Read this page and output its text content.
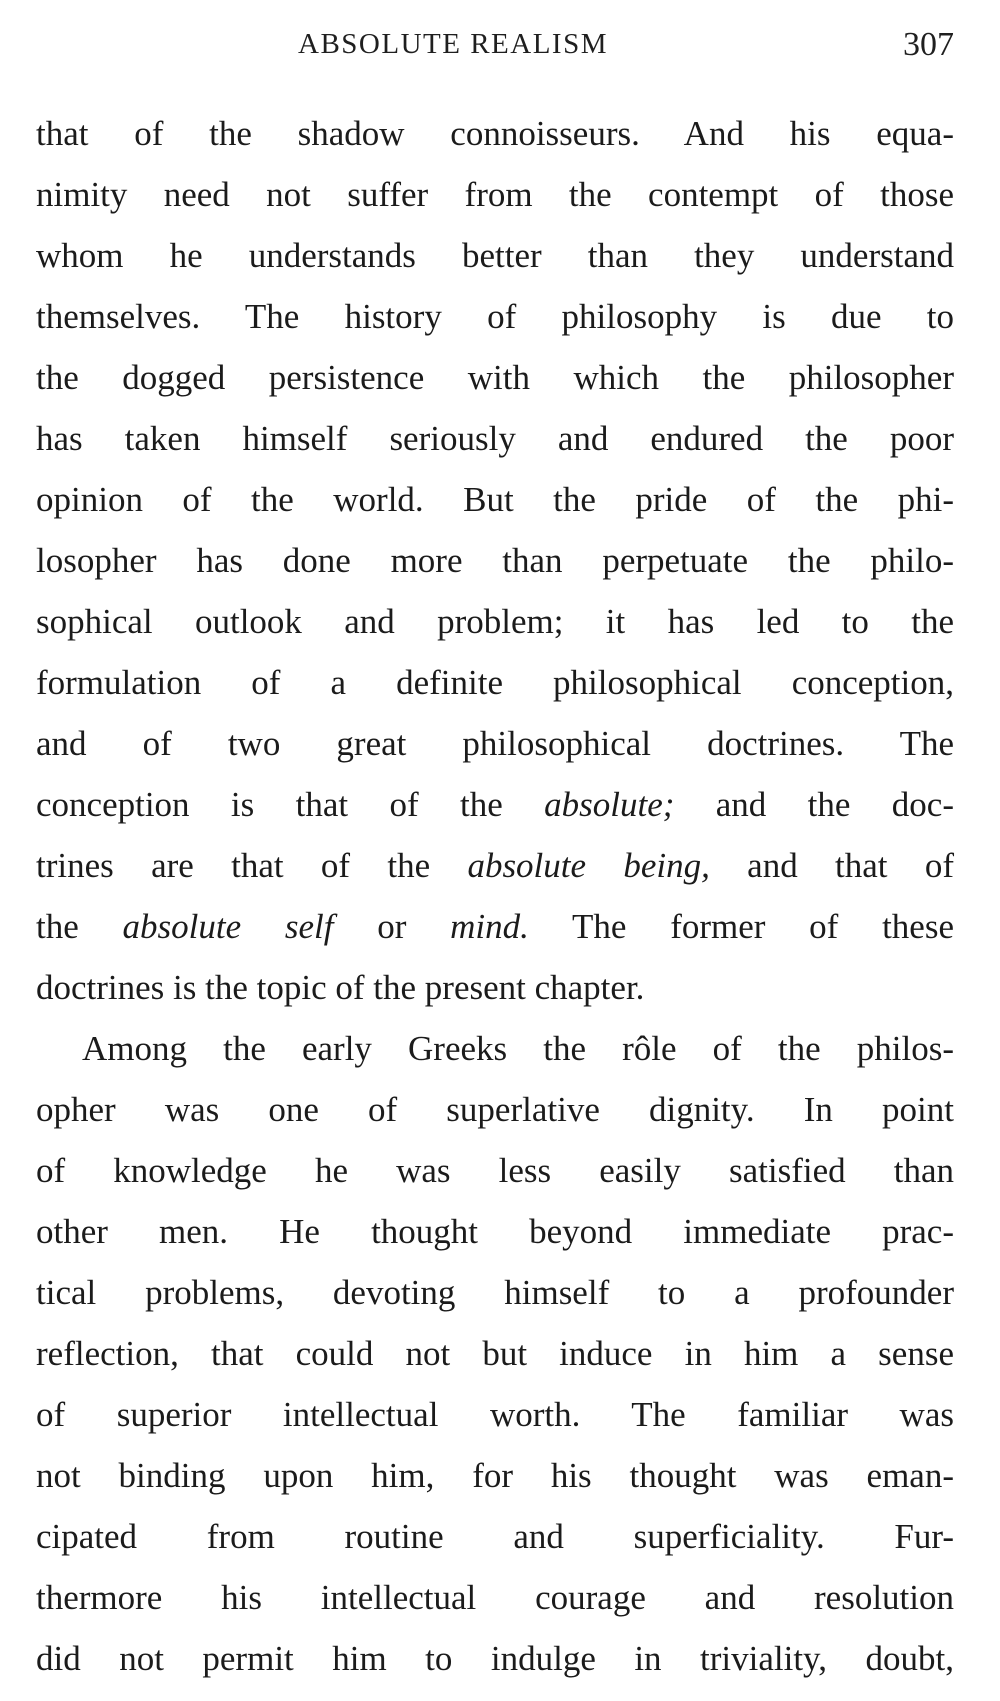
ABSOLUTE REALISM	307
that of the shadow connoisseurs. And his equa-
nimity need not suffer from the contempt of those
whom he understands better than they understand
themselves. The history of philosophy is due to
the dogged persistence with which the philosopher
has taken himself seriously and endured the poor
opinion of the world. But the pride of the phi-
losopher has done more than perpetuate the philo-
sophical outlook and problem; it has led to the
formulation of a definite philosophical conception,
and of two great philosophical doctrines. The
conception is that of the absolute; and the doc-
trines are that of the absolute being, and that of
the absolute self or mind. The former of these
doctrines is the topic of the present chapter.
Among the early Greeks the rôle of the philos-
opher was one of superlative dignity. In point
of knowledge he was less easily satisfied than
other men. He thought beyond immediate prac-
tical problems, devoting himself to a profounder
reflection, that could not but induce in him a sense
of superior intellectual worth. The familiar was
not binding upon him, for his thought was eman-
cipated from routine and superficiality. Fur-
thermore his intellectual courage and resolution
did not permit him to indulge in triviality, doubt,
